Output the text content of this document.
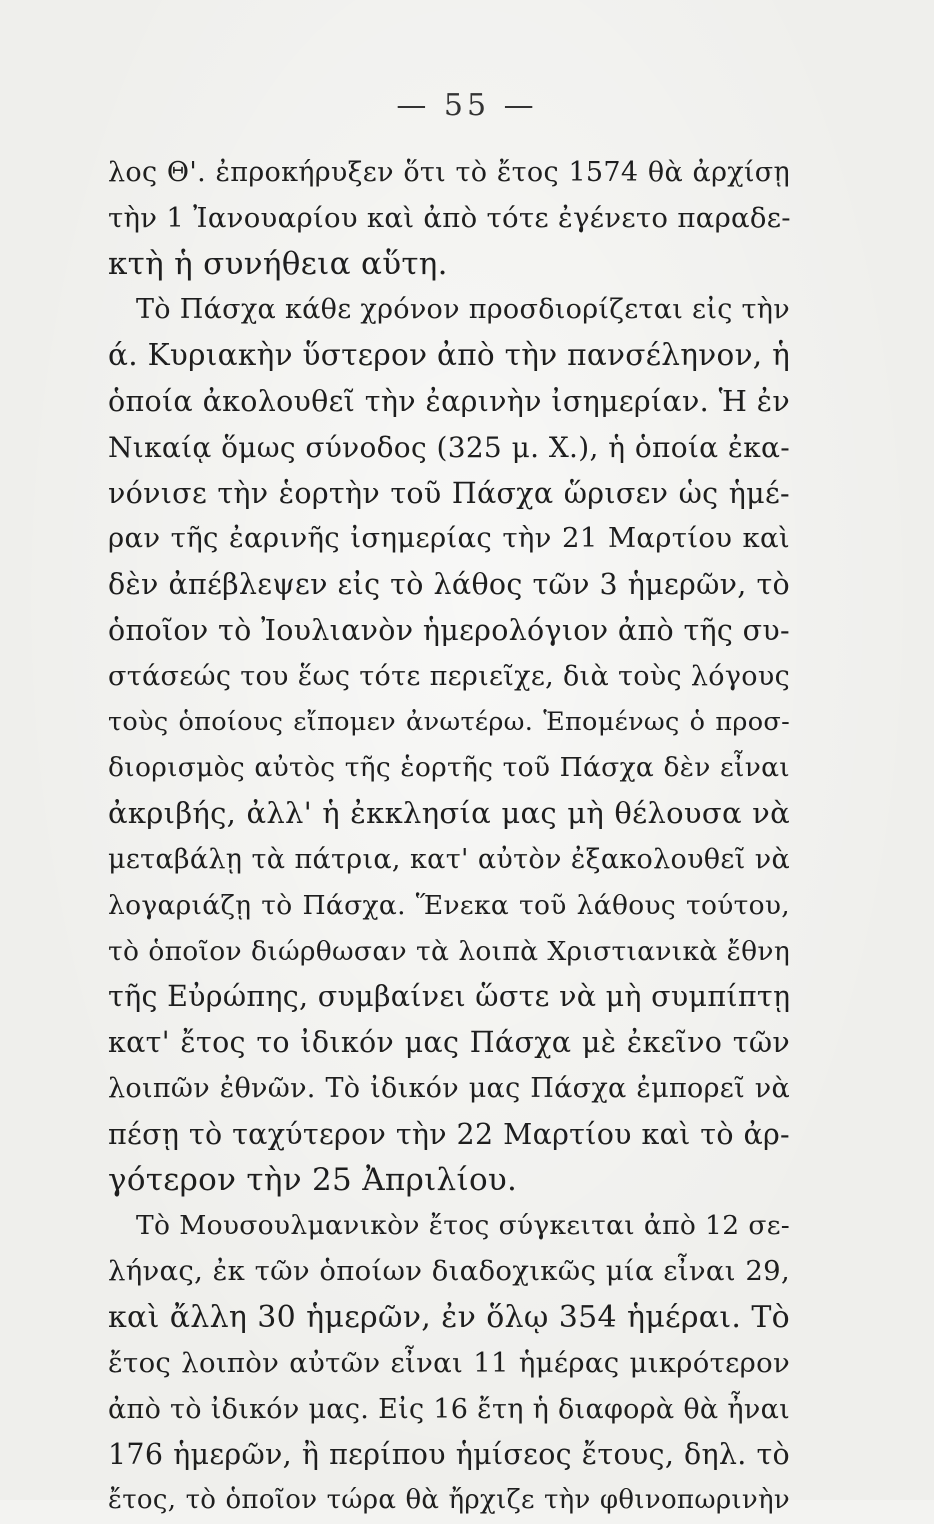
— 55 —
λος Θ'. ἐπροκήρυξεν ὅτι τὸ ἔτος 1574 θὰ ἀρχίσῃ
τὴν 1 Ἰανουαρίου καὶ ἀπὸ τότε ἐγένετο παραδε-
κτὴ ἡ συνήθεια αὕτη.
Τὸ Πάσχα κάθε χρόνον προσδιορίζεται εἰς τὴν
ά. Κυριακὴν ὕστερον ἀπὸ τὴν πανσέληνον, ἡ
ὁποία ἀκολουθεῖ τὴν ἐαρινὴν ἰσημερίαν. Ἡ ἐν
Νικαίᾳ ὅμως σύνοδος (325 μ. Χ.), ἡ ὁποία ἐκα-
νόνισε τὴν ἑορτὴν τοῦ Πάσχα ὥρισεν ὡς ἡμέ-
ραν τῆς ἐαρινῆς ἰσημερίας τὴν 21 Μαρτίου καὶ
δὲν ἀπέβλεψεν εἰς τὸ λάθος τῶν 3 ἡμερῶν, τὸ
ὁποῖον τὸ Ἰουλιανὸν ἡμερολόγιον ἀπὸ τῆς συ-
στάσεώς του ἕως τότε περιεῖχε, διὰ τοὺς λόγους
τοὺς ὁποίους εἴπομεν ἀνωτέρω. Ἑπομένως ὁ προσ-
διορισμὸς αὐτὸς τῆς ἑορτῆς τοῦ Πάσχα δὲν εἶναι
ἀκριβής, ἀλλ' ἡ ἐκκλησία μας μὴ θέλουσα νὰ
μεταβάλῃ τὰ πάτρια, κατ' αὐτὸν ἐξακολουθεῖ νὰ
λογαριάζῃ τὸ Πάσχα. Ἕνεκα τοῦ λάθους τούτου,
τὸ ὁποῖον διώρθωσαν τὰ λοιπὰ Χριστιανικὰ ἔθνη
τῆς Εὐρώπης, συμβαίνει ὥστε νὰ μὴ συμπίπτῃ
κατ' ἔτος το ἰδικόν μας Πάσχα μὲ ἐκεῖνο τῶν
λοιπῶν ἐθνῶν. Τὸ ἰδικόν μας Πάσχα ἐμπορεῖ νὰ
πέσῃ τὸ ταχύτερον τὴν 22 Μαρτίου καὶ τὸ ἀρ-
γότερον τὴν 25 Ἀπριλίου.
Τὸ Μουσουλμανικὸν ἔτος σύγκειται ἀπὸ 12 σε-
λήνας, ἐκ τῶν ὁποίων διαδοχικῶς μία εἶναι 29,
καὶ ἄλλη 30 ἡμερῶν, ἐν ὅλῳ 354 ἡμέραι. Τὸ
ἔτος λοιπὸν αὐτῶν εἶναι 11 ἡμέρας μικρότερον
ἀπὸ τὸ ἰδικόν μας. Εἰς 16 ἔτη ἡ διαφορὰ θὰ ἦναι
176 ἡμερῶν, ἢ περίπου ἡμίσεος ἔτους, δηλ. τὸ
ἔτος, τὸ ὁποῖον τώρα θὰ ἤρχιζε τὴν φθινοπωρινὴν
